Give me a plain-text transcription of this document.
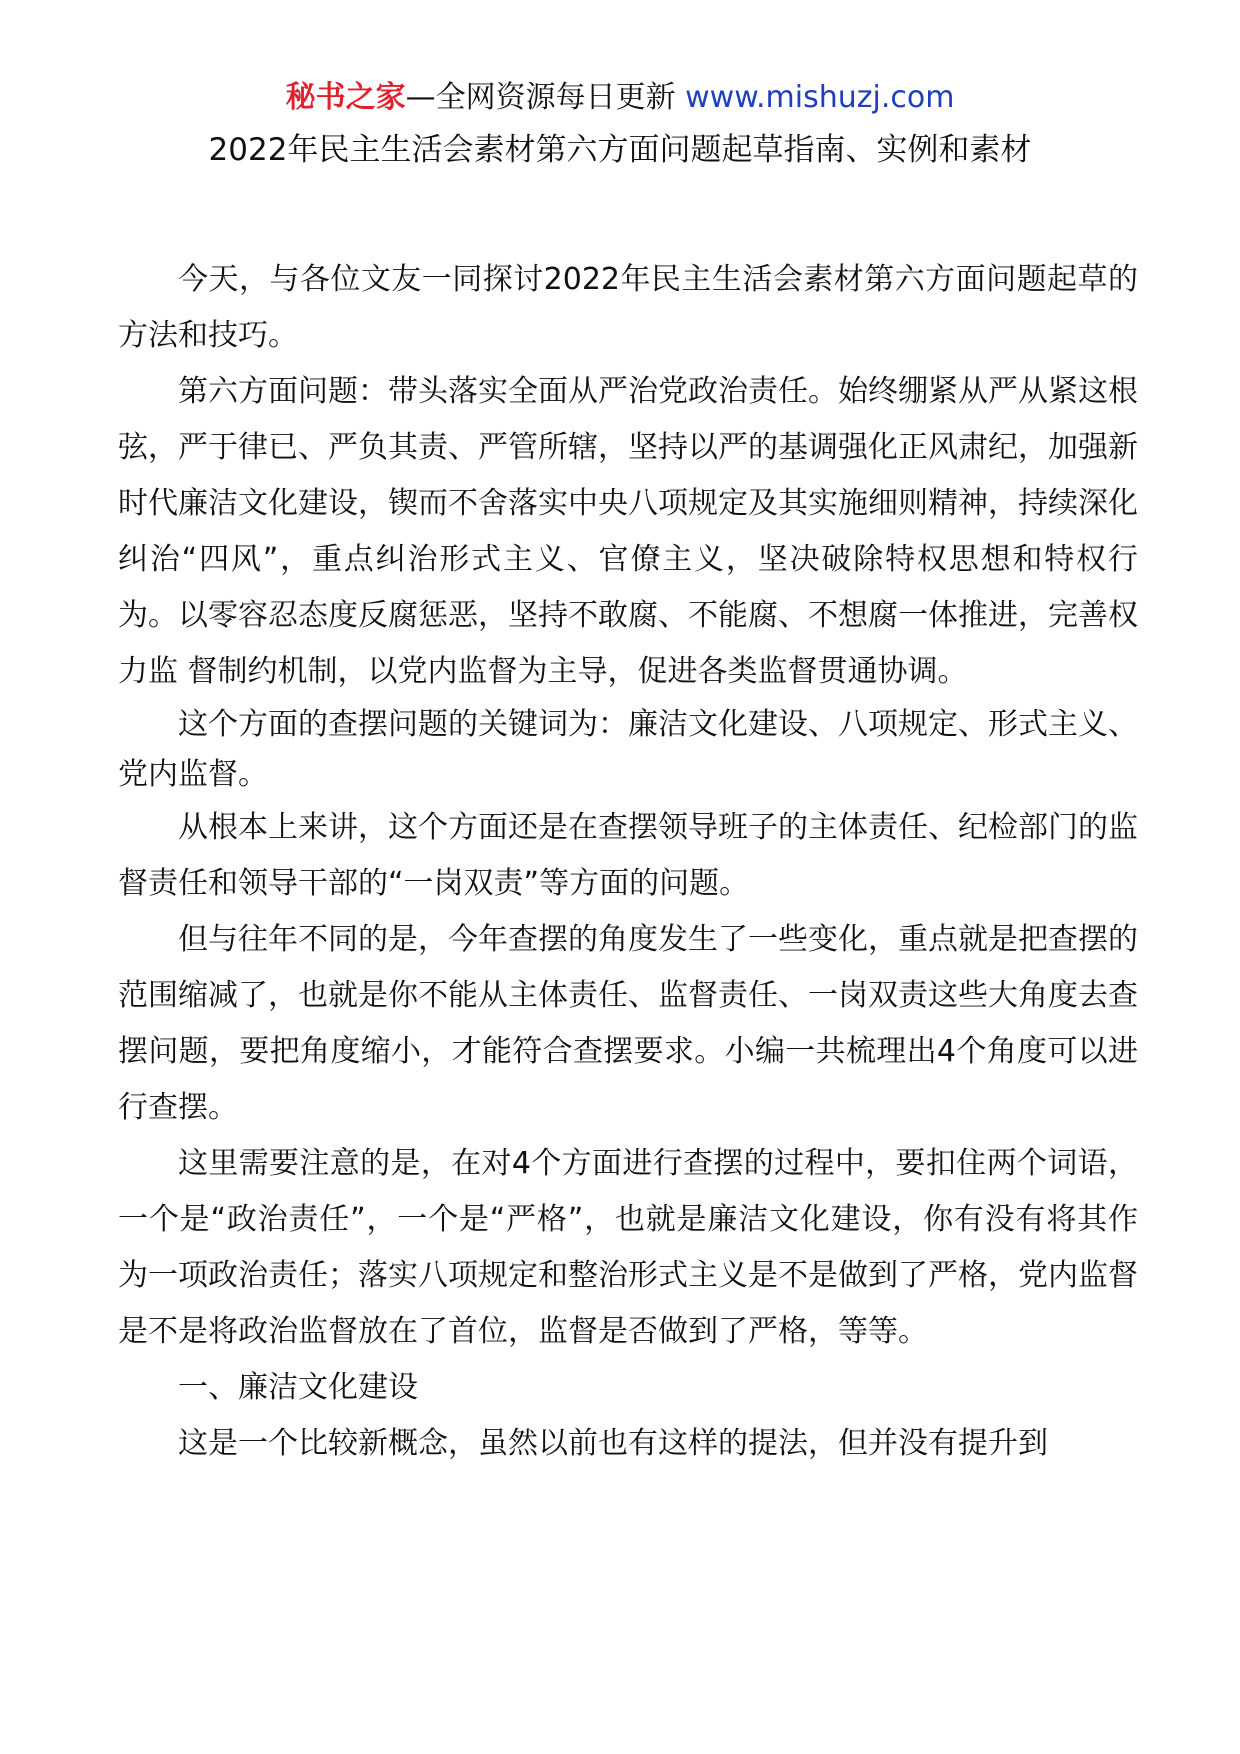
秘书之家—全网资源每日更新 www.mishuzj.com
2022年民主生活会素材第六方面问题起草指南、实例和素材

今天，与各位文友一同探讨2022年民主生活会素材第六方面问题起草的方法和技巧。

第六方面问题：带头落实全面从严治党政治责任。始终绷紧从严从紧这根 弦，严于律已、严负其责、严管所辖，坚持以严的基调强化正风肃纪，加强新 时代廉洁文化建设，锲而不舍落实中央八项规定及其实施细则精神，持续深化 纠治“四风”，重点纠治形式主义、官僚主义，坚决破除特权思想和特权行为。以零容忍态度反腐惩恶，坚持不敢腐、不能腐、不想腐一体推进，完善权力监 督制约机制，以党内监督为主导，促进各类监督贯通协调。

这个方面的查摆问题的关键词为：廉洁文化建设、八项规定、形式主义、

党内监督。

从根本上来讲，这个方面还是在查摆领导班子的主体责任、纪检部门的监督责任和领导干部的“一岗双责”等方面的问题。

但与往年不同的是，今年查摆的角度发生了一些变化，重点就是把查摆的范围缩减了，也就是你不能从主体责任、监督责任、一岗双责这些大角度去查摆问题，要把角度缩小，才能符合查摆要求。小编一共梳理出4个角度可以进行查摆。

这里需要注意的是，在对4个方面进行查摆的过程中，要扣住两个词语，一个是“政治责任”，一个是“严格”，也就是廉洁文化建设，你有没有将其作为一项政治责任；落实八项规定和整治形式主义是不是做到了严格，党内监督是不是将政治监督放在了首位，监督是否做到了严格，等等。

一、廉洁文化建设

这是一个比较新概念，虽然以前也有这样的提法，但并没有提升到
